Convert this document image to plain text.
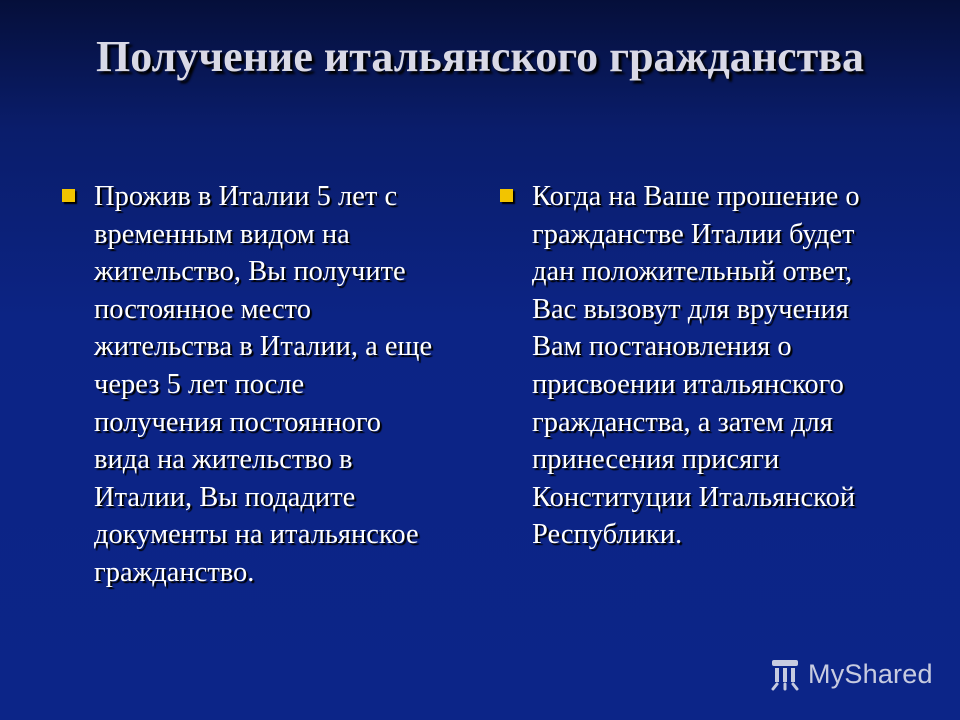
Получение итальянского гражданства
Прожив в Италии 5 лет с временным видом на жительство, Вы получите постоянное место жительства в Италии, а еще через 5 лет после получения постоянного вида на жительство в Италии, Вы подадите документы на итальянское гражданство.
Когда на Ваше прошение о гражданстве Италии будет дан положительный ответ, Вас вызовут для вручения Вам постановления о присвоении итальянского гражданства, а затем для принесения присяги Конституции Итальянской Республики.
MyShared
